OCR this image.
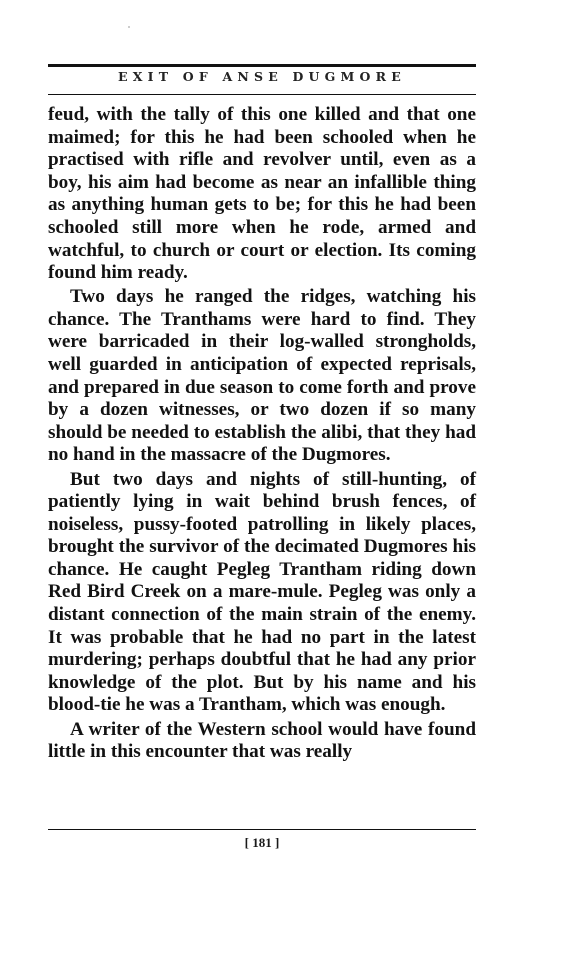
EXIT OF ANSE DUGMORE

feud, with the tally of this one killed and that one maimed; for this he had been schooled when he practised with rifle and revolver until, even as a boy, his aim had become as near an infallible thing as anything human gets to be; for this he had been schooled still more when he rode, armed and watchful, to church or court or election. Its coming found him ready.

Two days he ranged the ridges, watching his chance. The Tranthams were hard to find. They were barricaded in their log-walled strongholds, well guarded in anticipation of expected reprisals, and prepared in due season to come forth and prove by a dozen witnesses, or two dozen if so many should be needed to establish the alibi, that they had no hand in the massacre of the Dugmores.

But two days and nights of still-hunting, of patiently lying in wait behind brush fences, of noiseless, pussy-footed patrolling in likely places, brought the survivor of the decimated Dugmores his chance. He caught Pegleg Trantham riding down Red Bird Creek on a mare-mule. Pegleg was only a distant connection of the main strain of the enemy. It was probable that he had no part in the latest murdering; perhaps doubtful that he had any prior knowledge of the plot. But by his name and his blood-tie he was a Trantham, which was enough.

A writer of the Western school would have found little in this encounter that was really

[ 181 ]
